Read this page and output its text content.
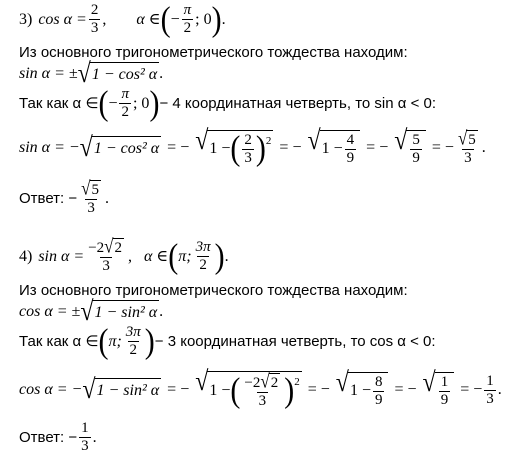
3) $\cos \alpha = \frac{2}{3}$ , α ∈ ( − $\frac{\pi}{2}$ ; 0 ) .
Из основного тригонометрического тождества находим:
sin α = ± √ 1 − cos² α .
Так как α ∈ ( − $\frac{\pi}{2}$ ; 0 ) − 4 координатная четверть, то sin α < 0:
sin α = − √ 1 − cos² α = − √ 1 − ( $\frac{2}{3} )^2$ = − √ $1 - \frac{4}{9}$ = − √ $\frac{5}{9}$ = − $\frac{√ 5}{3}$ .
Ответ: − $\frac{√ 5}{3}$ .
4) $\sin \alpha = \frac{-2 √ 2}{3}$ , α ∈ ( π; $\frac{3\pi}{2}$ ) .
Из основного тригонометрического тождества находим:
cos α = ± √ 1 − sin² α .
Так как α ∈ ( π; $\frac{3\pi}{2}$ ) − 3 координатная четверть, то cos α < 0:
cos α = − √ 1 − sin² α = − √ 1 − ( $\frac{-2 √ 2}{3} )^2$ = − √ $1 - \frac{8}{9}$ = − √ $\frac{1}{9}$ = − $\frac{1}{3}$ .
Ответ: − $\frac{1}{3}$ .
